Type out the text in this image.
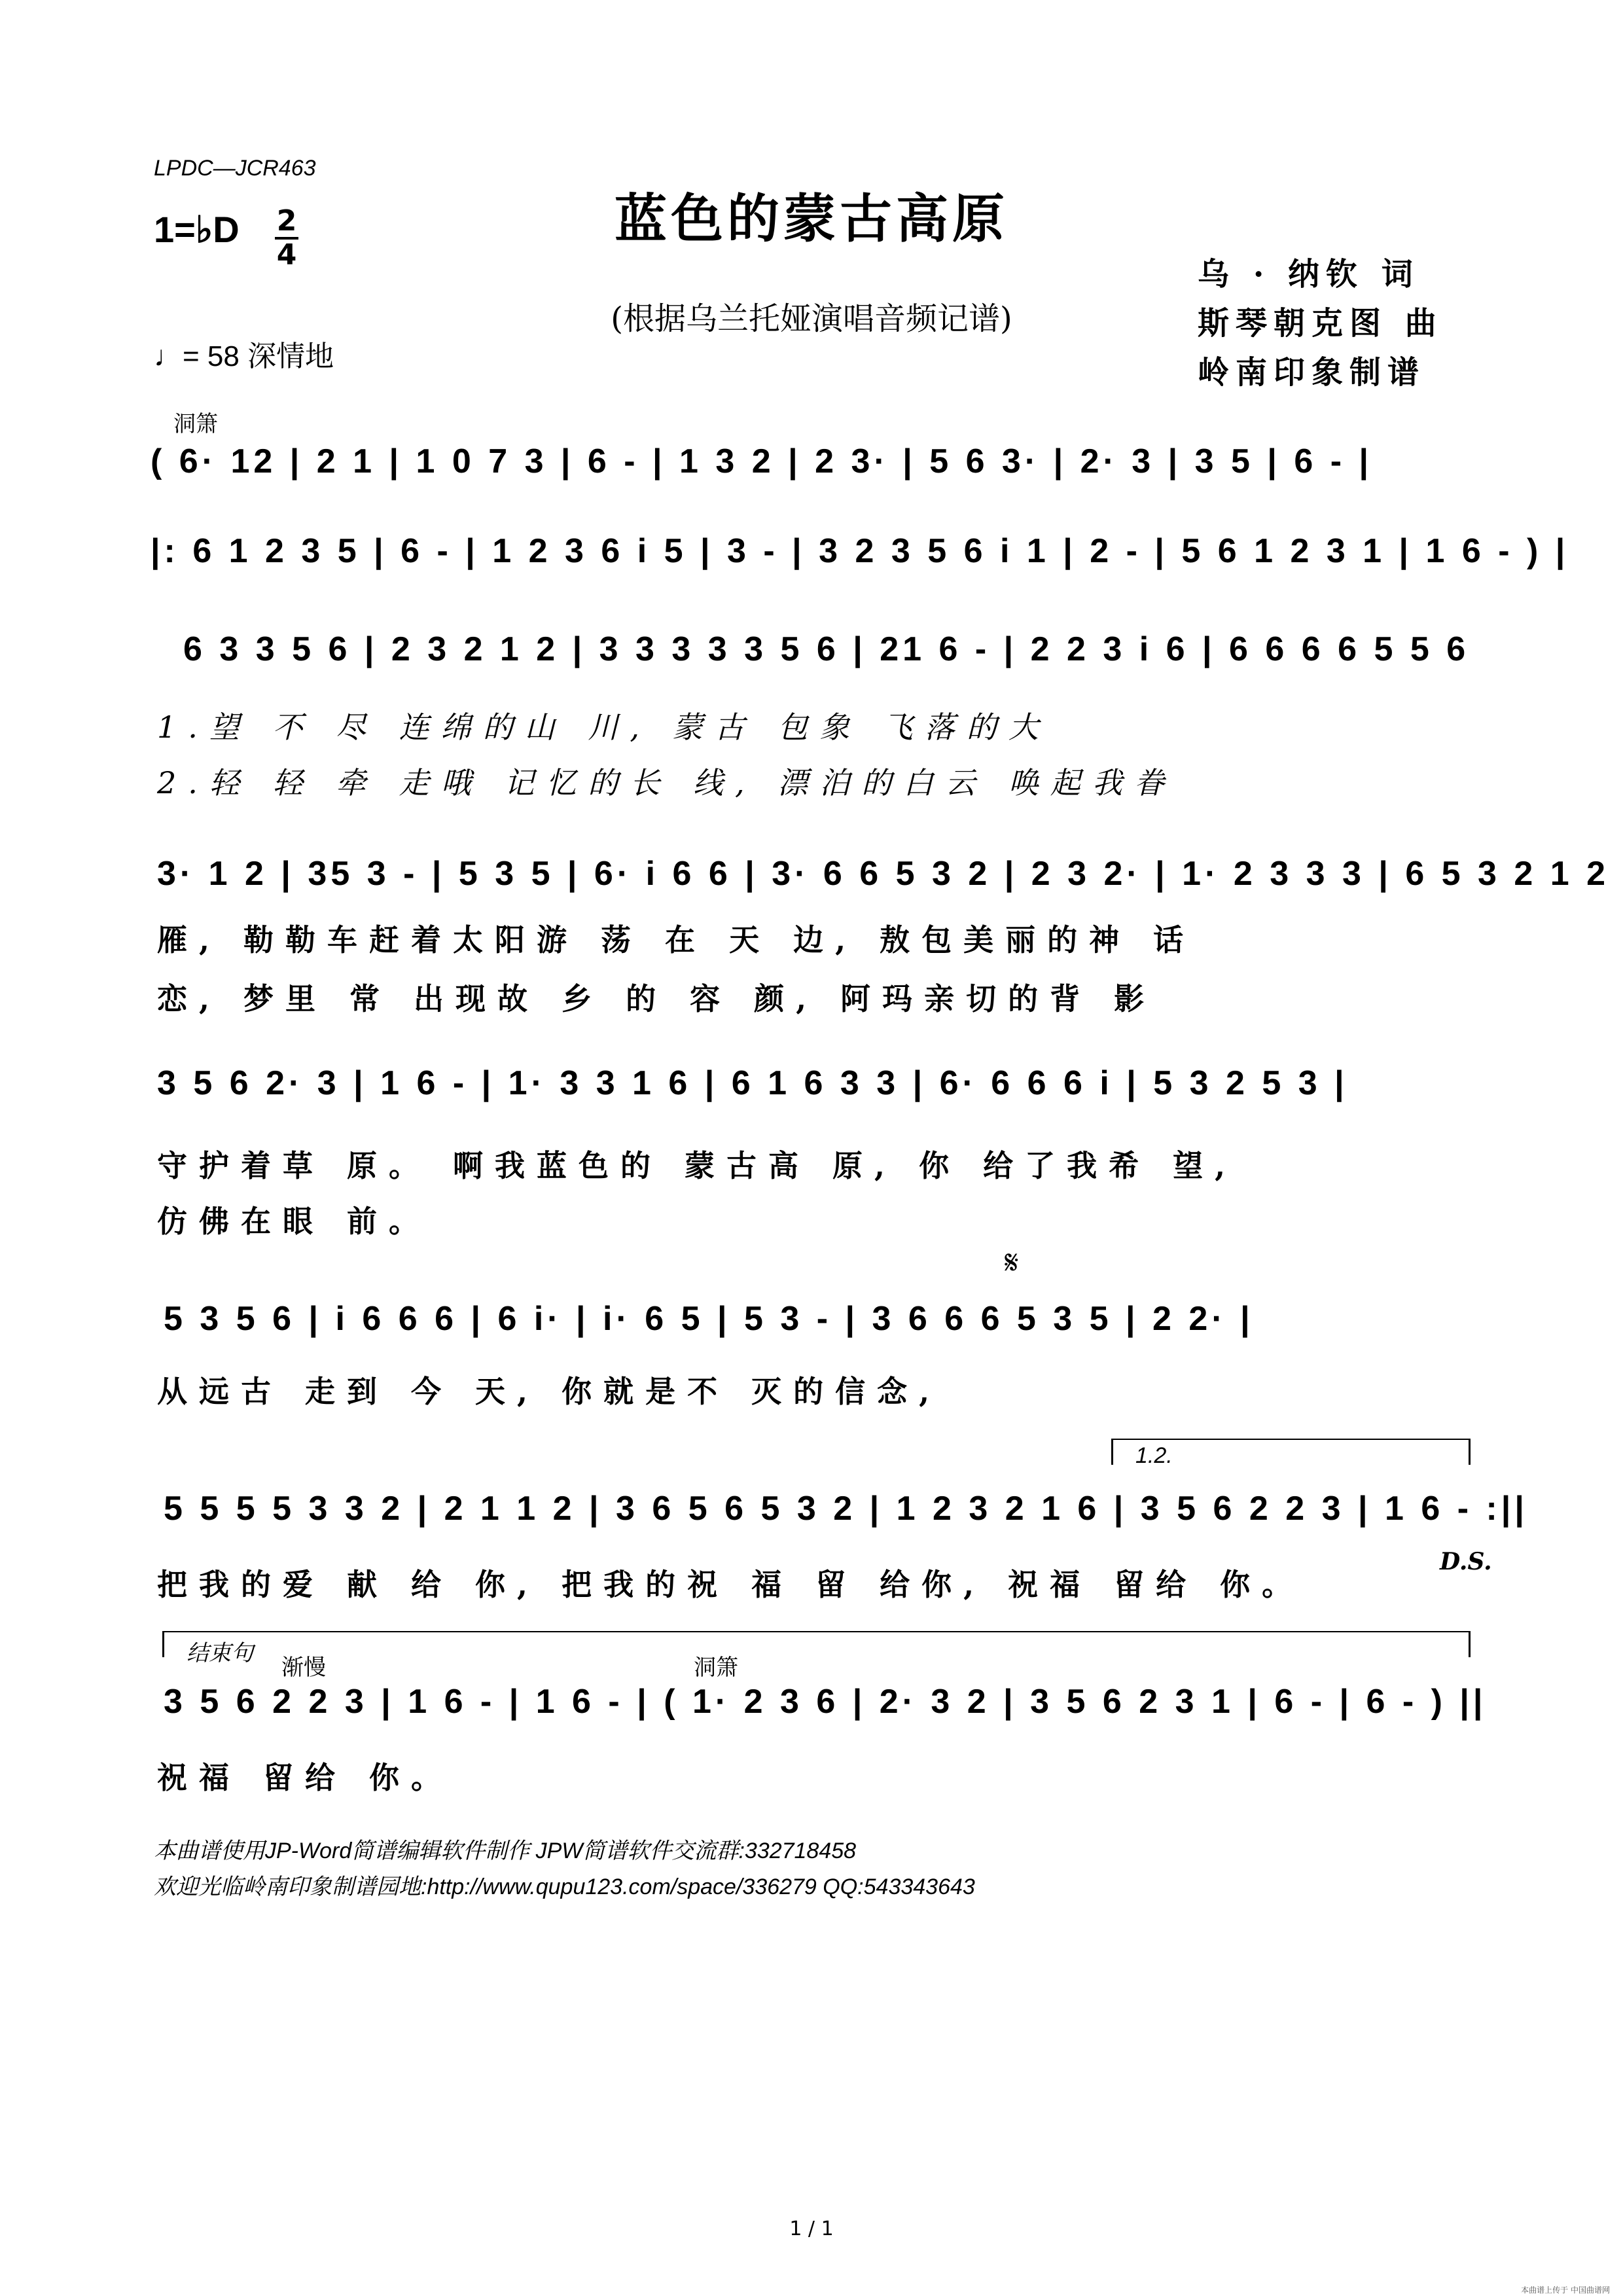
LPDC—JCR463
1=♭D 2
4
♩= 58 深情地
蓝色的蒙古高原
(根据乌兰托娅演唱音频记谱)
乌 · 纳钦 词
斯琴朝克图 曲
岭南印象制谱
洞箫
( 6· 12 | 2 1 | 1 0 7 3 | 6 - | 1 3 2 | 2 3· | 5 6 3· | 2· 3 | 3 5 | 6 - |
|: 6 1 2 3 5 | 6 - | 1 2 3 6 i 5 | 3 - | 3 2 3 5 6 i 1 | 2 - | 5 6 1 2 3 1 | 1 6 - ) |
6 3 3 5 6 | 2 3 2 1 2 | 3 3 3 3 3 5 6 | 21 6 - | 2 2 3 i 6 | 6 6 6 6 5 5 6
1.望 不 尽 连绵的山 川, 蒙古 包象 飞落的大
2.轻 轻 牵 走哦 记忆的长 线, 漂泊的白云 唤起我眷
3· 1 2 | 35 3 - | 5 3 5 | 6· i 6 6 | 3· 6 6 5 3 2 | 2 3 2· | 1· 2 3 3 3 | 6 5 3 2 1 2
雁, 勒勒车赶着太阳游 荡 在 天 边, 敖包美丽的神 话
恋, 梦里 常 出现故 乡 的 容 颜, 阿玛亲切的背 影
3 5 6 2· 3 | 1 6 - | 1· 3 3 1 6 | 6 1 6 3 3 | 6· 6 6 6 i | 5 3 2 5 3 |
守护着草 原。 啊我蓝色的 蒙古高 原, 你 给了我希 望,
仿佛在眼 前。
𝄋
5 3 5 6 | i 6 6 6 | 6 i· | i· 6 5 | 5 3 - | 3 6 6 6 5 3 5 | 2 2· |
从远古 走到 今 天, 你就是不 灭的信念,
1.2.
5 5 5 5 3 3 2 | 2 1 1 2 | 3 6 5 6 5 3 2 | 1 2 3 2 1 6 | 3 5 6 2 2 3 | 1 6 - :||
把我的爱 献 给 你, 把我的祝 福 留 给你, 祝福 留给 你。
D.S.
结束句
渐慢	洞箫
3 5 6 2 2 3 | 1 6 - | 1 6 - | ( 1· 2 3 6 | 2· 3 2 | 3 5 6 2 3 1 | 6 - | 6 - ) ||
祝福 留给 你。
本曲谱使用JP-Word简谱编辑软件制作 JPW简谱软件交流群:332718458
欢迎光临岭南印象制谱园地:http://www.qupu123.com/space/336279 QQ:543343643
1 / 1
本曲谱上传于 中国曲谱网
